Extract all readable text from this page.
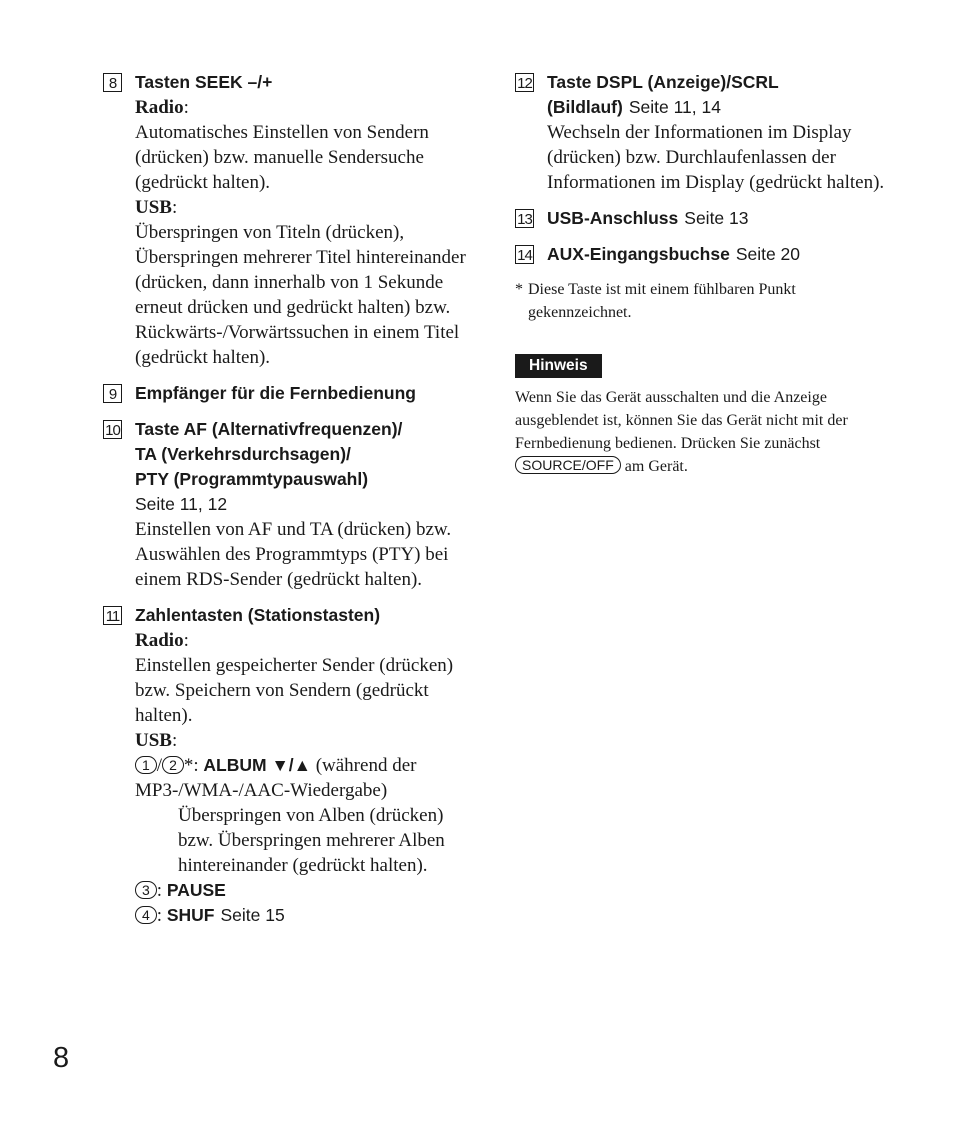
8	Tasten SEEK –/+
Radio:
Automatisches Einstellen von Sendern (drücken) bzw. manuelle Sendersuche (gedrückt halten).
USB:
Überspringen von Titeln (drücken), Überspringen mehrerer Titel hintereinander (drücken, dann innerhalb von 1 Sekunde erneut drücken und gedrückt halten) bzw. Rückwärts-/Vorwärtssuchen in einem Titel (gedrückt halten).
9	Empfänger für die Fernbedienung
10 Taste AF (Alternativfrequenzen)/
TA (Verkehrsdurchsagen)/
PTY (Programmtypauswahl)
Seite 11, 12
Einstellen von AF und TA (drücken) bzw. Auswählen des Programmtyps (PTY) bei einem RDS-Sender (gedrückt halten).
11 Zahlentasten (Stationstasten)
Radio:
Einstellen gespeicherter Sender (drücken) bzw. Speichern von Sendern (gedrückt halten).
USB:
1 / 2 *: ALBUM ▼/▲ (während der
MP3-/WMA-/AAC-Wiedergabe)
Überspringen von Alben (drücken) bzw. Überspringen mehrerer Alben hintereinander (gedrückt halten).
3 : PAUSE
4 : SHUF Seite 15
12 Taste DSPL (Anzeige)/SCRL
(Bildlauf) Seite 11, 14
Wechseln der Informationen im Display (drücken) bzw. Durchlaufenlassen der Informationen im Display (gedrückt halten).
13 USB-Anschluss Seite 13
14 AUX-Eingangsbuchse Seite 20
* Diese Taste ist mit einem fühlbaren Punkt gekennzeichnet.
Hinweis
Wenn Sie das Gerät ausschalten und die Anzeige ausgeblendet ist, können Sie das Gerät nicht mit der Fernbedienung bedienen. Drücken Sie zunächst SOURCE/OFF am Gerät.
8
